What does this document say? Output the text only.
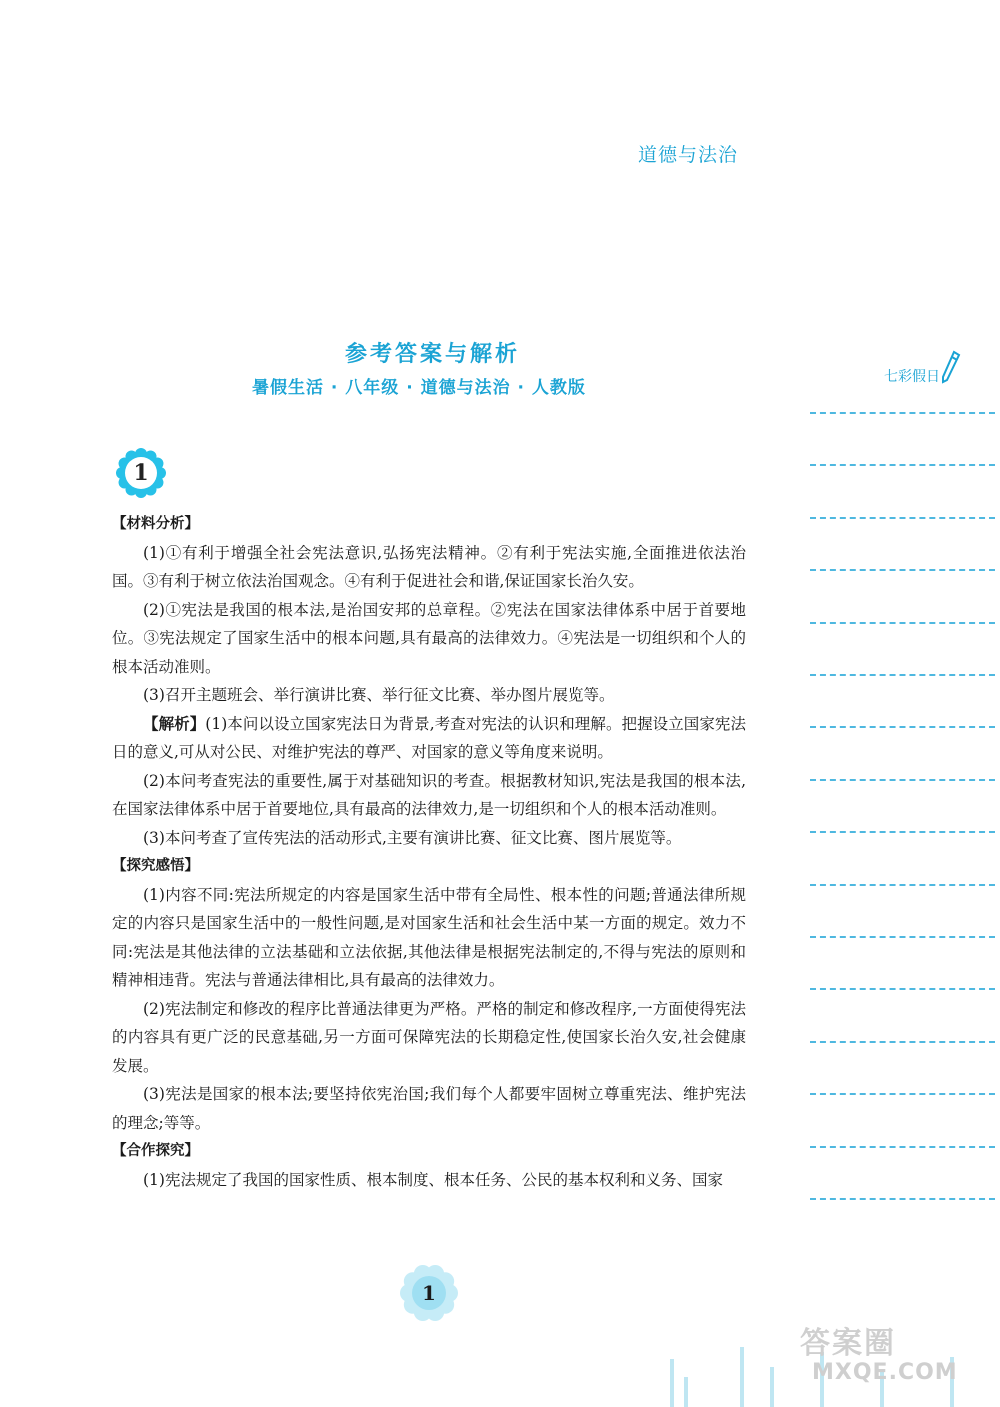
道德与法治
参考答案与解析
暑假生活 · 八年级 · 道德与法治 · 人教版
七彩假日
1
【材料分析】
(1)①有利于增强全社会宪法意识,弘扬宪法精神。②有利于宪法实施,全面推进依法治国。③有利于树立依法治国观念。④有利于促进社会和谐,保证国家长治久安。
(2)①宪法是我国的根本法,是治国安邦的总章程。②宪法在国家法律体系中居于首要地位。③宪法规定了国家生活中的根本问题,具有最高的法律效力。④宪法是一切组织和个人的根本活动准则。
(3)召开主题班会、举行演讲比赛、举行征文比赛、举办图片展览等。
【解析】(1)本问以设立国家宪法日为背景,考查对宪法的认识和理解。把握设立国家宪法日的意义,可从对公民、对维护宪法的尊严、对国家的意义等角度来说明。
(2)本问考查宪法的重要性,属于对基础知识的考查。根据教材知识,宪法是我国的根本法,在国家法律体系中居于首要地位,具有最高的法律效力,是一切组织和个人的根本活动准则。
(3)本问考查了宣传宪法的活动形式,主要有演讲比赛、征文比赛、图片展览等。
【探究感悟】
(1)内容不同:宪法所规定的内容是国家生活中带有全局性、根本性的问题;普通法律所规定的内容只是国家生活中的一般性问题,是对国家生活和社会生活中某一方面的规定。效力不同:宪法是其他法律的立法基础和立法依据,其他法律是根据宪法制定的,不得与宪法的原则和精神相违背。宪法与普通法律相比,具有最高的法律效力。
(2)宪法制定和修改的程序比普通法律更为严格。严格的制定和修改程序,一方面使得宪法的内容具有更广泛的民意基础,另一方面可保障宪法的长期稳定性,使国家长治久安,社会健康发展。
(3)宪法是国家的根本法;要坚持依宪治国;我们每个人都要牢固树立尊重宪法、维护宪法的理念;等等。
【合作探究】
(1)宪法规定了我国的国家性质、根本制度、根本任务、公民的基本权利和义务、国家
1
答案圈
MXQE.COM
